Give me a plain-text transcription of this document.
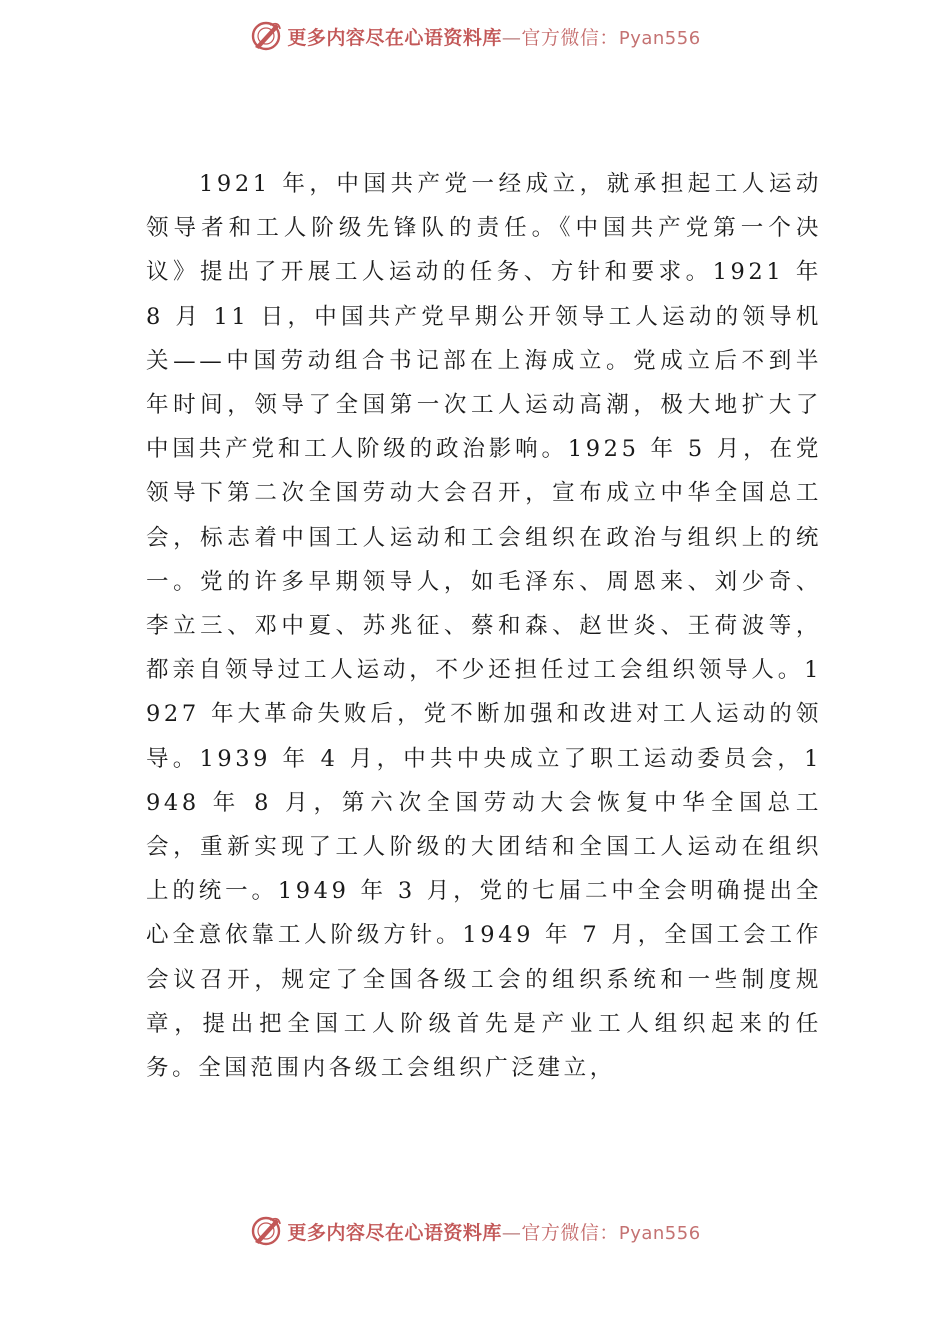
更多内容尽在心语资料库—官方微信：Pyan556

1921 年，中国共产党一经成立，就承担起工人运动领导者和工人阶级先锋队的责任。《中国共产党第一个决议》提出了开展工人运动的任务、方针和要求。1921 年 8 月 11 日，中国共产党早期公开领导工人运动的领导机关——中国劳动组合书记部在上海成立。党成立后不到半年时间，领导了全国第一次工人运动高潮，极大地扩大了中国共产党和工人阶级的政治影响。1925 年 5 月，在党领导下第二次全国劳动大会召开，宣布成立中华全国总工会，标志着中国工人运动和工会组织在政治与组织上的统一。党的许多早期领导人，如毛泽东、周恩来、刘少奇、李立三、邓中夏、苏兆征、蔡和森、赵世炎、王荷波等，都亲自领导过工人运动，不少还担任过工会组织领导人。1927 年大革命失败后，党不断加强和改进对工人运动的领导。1939 年 4 月，中共中央成立了职工运动委员会，1948 年 8 月，第六次全国劳动大会恢复中华全国总工会，重新实现了工人阶级的大团结和全国工人运动在组织上的统一。1949 年 3 月，党的七届二中全会明确提出全心全意依靠工人阶级方针。1949 年 7 月，全国工会工作会议召开，规定了全国各级工会的组织系统和一些制度规章，提出把全国工人阶级首先是产业工人组织起来的任务。全国范围内各级工会组织广泛建立，

更多内容尽在心语资料库—官方微信：Pyan556
